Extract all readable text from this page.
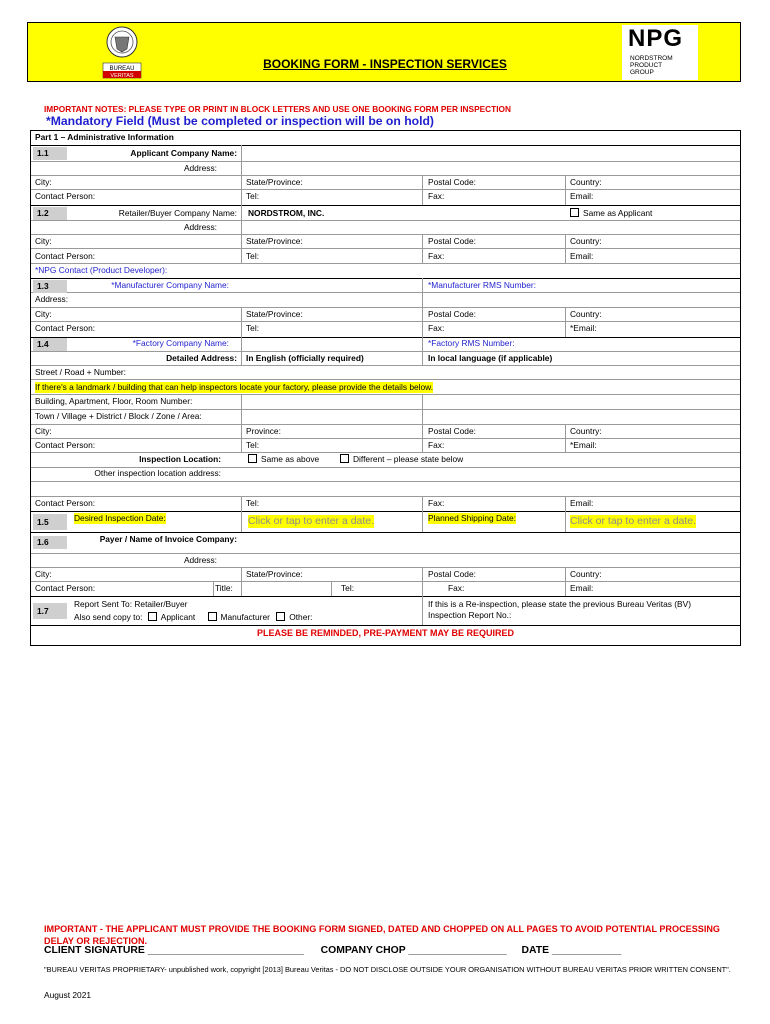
BUREAU
VERITAS
BOOKING FORM - INSPECTION SERVICES
NPG
NORDSTROM
PRODUCT
GROUP
IMPORTANT NOTES: PLEASE TYPE OR PRINT IN BLOCK LETTERS AND USE ONE BOOKING FORM PER INSPECTION
*Mandatory Field (Must be completed or inspection will be on hold)
Part 1 – Administrative Information
1.1	Applicant Company Name:
Address:
City:	State/Province:	Postal Code:	Country:
Contact Person:	Tel:	Fax:	Email:
1.2	Retailer/Buyer Company Name: NORDSTROM, INC.	Same as Applicant
Address:
City:	State/Province:	Postal Code:	Country:
Contact Person:	Tel:	Fax:	Email:
*NPG Contact (Product Developer):
1.3	*Manufacturer Company Name:	*Manufacturer RMS Number:
Address:
City:	State/Province:	Postal Code:	Country:
Contact Person:	Tel:	Fax:	*Email:
1.4	*Factory Company Name:	*Factory RMS Number:
Detailed Address: In English (officially required)	In local language (if applicable)
Street / Road + Number:
If there's a landmark / building that can help inspectors locate your factory, please provide the details below.
Building, Apartment, Floor, Room Number:
Town / Village + District / Block / Zone / Area:
City:	Province:	Postal Code:	Country:
Contact Person:	Tel:	Fax:	*Email:
Inspection Location:	Same as above	Different – please state below
Other inspection location address:
Contact Person:	Tel:	Fax:	Email:
1.5	Desired Inspection Date:	Click or tap to enter a date.	Planned Shipping Date:	Click or tap to enter a date.
1.6	Payer / Name of Invoice Company:
Address:
City:	State/Province:	Postal Code:	Country:
Contact Person:	Title:	Tel:	Fax:	Email:
1.7
Report Sent To: Retailer/Buyer
Also send copy to: Applicant	Manufacturer Other:
If this is a Re-inspection, please state the previous Bureau Veritas (BV) Inspection Report No.:
PLEASE BE REMINDED, PRE-PAYMENT MAY BE REQUIRED
IMPORTANT - THE APPLICANT MUST PROVIDE THE BOOKING FORM SIGNED, DATED AND CHOPPED ON ALL PAGES TO AVOID POTENTIAL PROCESSING DELAY OR REJECTION.
CLIENT SIGNATURE ___________________________ COMPANY CHOP _________________ DATE ____________
"BUREAU VERITAS PROPRIETARY- unpublished work, copyright [2013] Bureau Veritas - DO NOT DISCLOSE OUTSIDE YOUR ORGANISATION WITHOUT BUREAU VERITAS PRIOR WRITTEN CONSENT".
August 2021
